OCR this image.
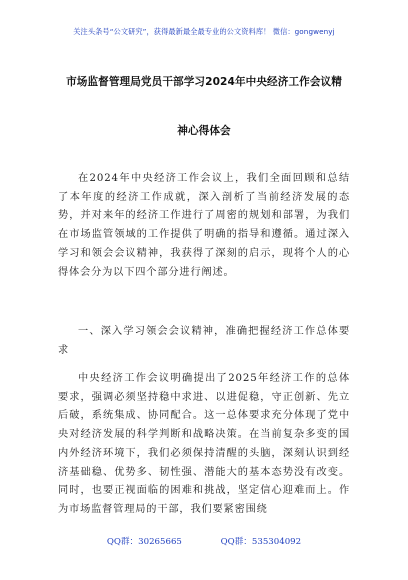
关注头条号“公文研究”，获得最新最全最专业的公文资料库！ 微信：gongwenyj
市场监督管理局党员干部学习2024年中央经济工作会议精
神心得体会

在2024年中央经济工作会议上，我们全面回顾和总结了本年度的经济工作成就，深入剖析了当前经济发展的态势，并对来年的经济工作进行了周密的规划和部署，为我们在市场监管领域的工作提供了明确的指导和遵循。通过深入学习和领会会议精神，我获得了深刻的启示，现将个人的心得体会分为以下四个部分进行阐述。

一、深入学习领会会议精神，准确把握经济工作总体要求

中央经济工作会议明确提出了2025年经济工作的总体要求，强调必须坚持稳中求进、以进促稳，守正创新、先立后破，系统集成、协同配合。这一总体要求充分体现了党中央对经济发展的科学判断和战略决策。在当前复杂多变的国内外经济环境下，我们必须保持清醒的头脑，深刻认识到经济基础稳、优势多、韧性强、潜能大的基本态势没有改变。同时，也要正视面临的困难和挑战，坚定信心迎难而上。作为市场监督管理局的干部，我们要紧密围绕

QQ群：30265665	QQ群：535304092
